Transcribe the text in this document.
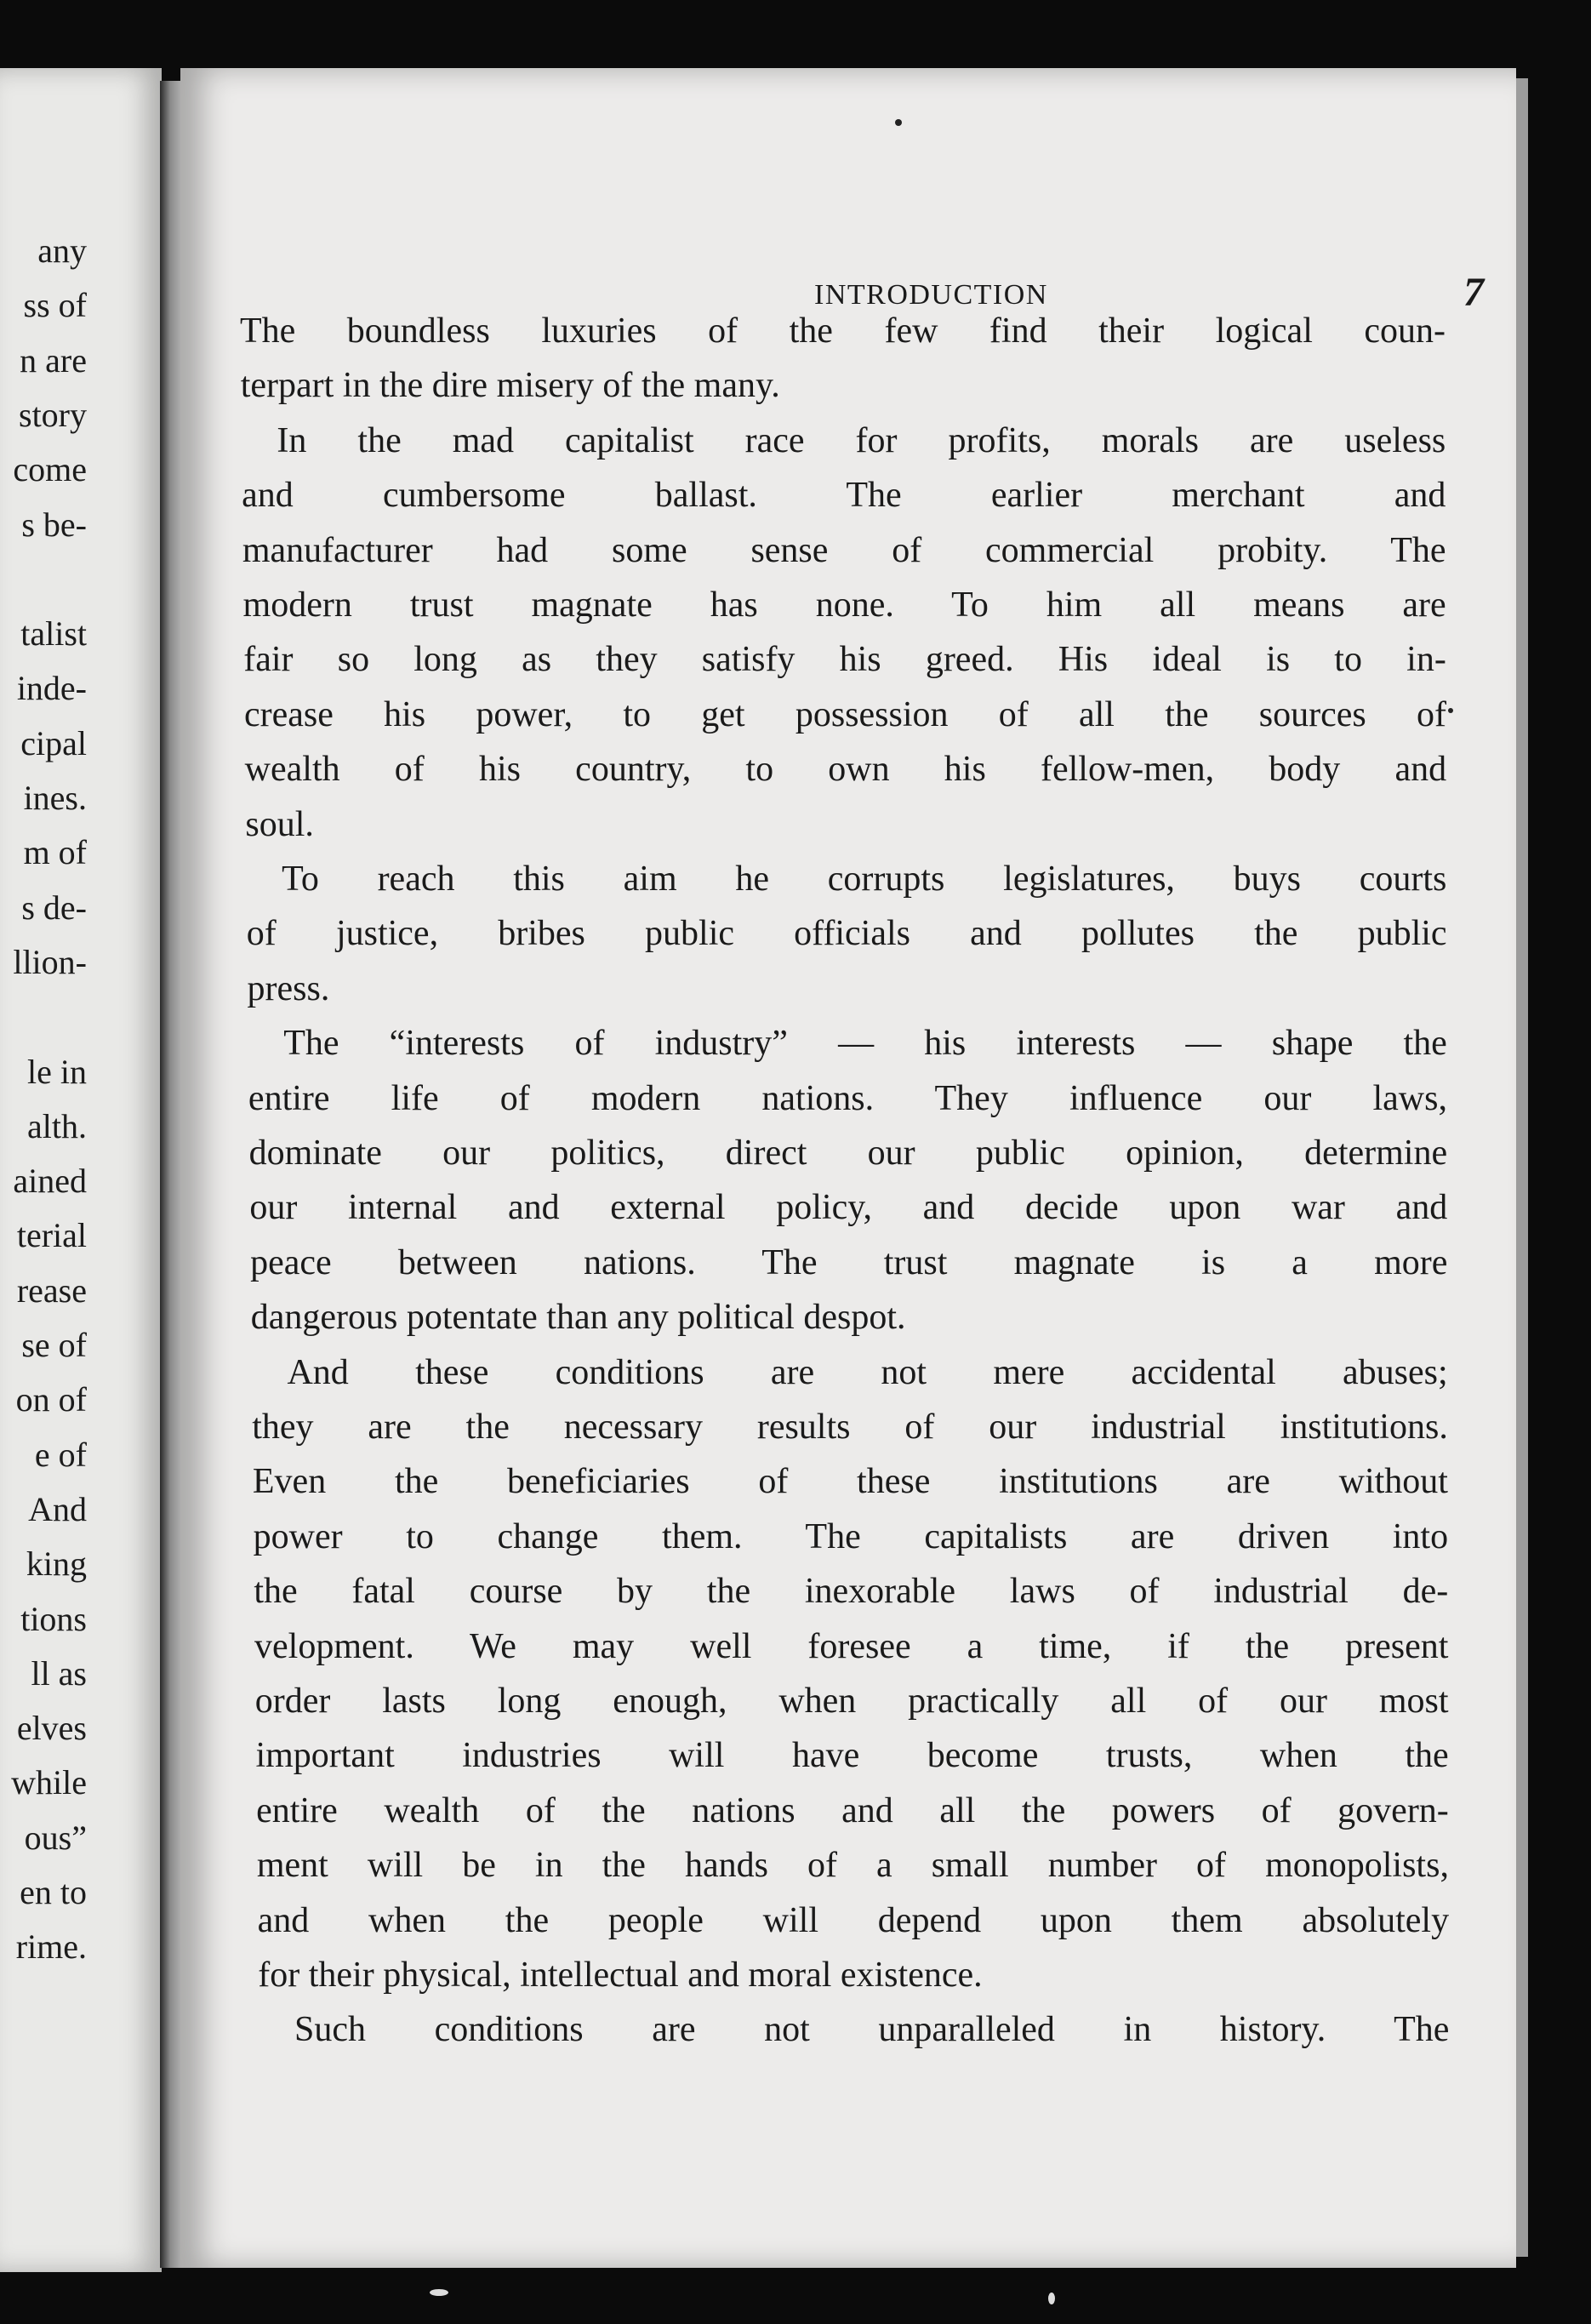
any
ss of
n are
story
come
s be-
talist
inde-
cipal
ines.
m of
s de-
llion-
le in
alth.
ained
terial
rease
se of
on of
e of
And
king
tions
ll as
elves
while
ous”
en to
rime.
INTRODUCTION	7
The boundless luxuries of the few find their logical coun-
terpart in the dire misery of the many.
In the mad capitalist race for profits, morals are useless
and cumbersome ballast. The earlier merchant and
manufacturer had some sense of commercial probity. The
modern trust magnate has none. To him all means are
fair so long as they satisfy his greed. His ideal is to in-
crease his power, to get possession of all the sources of
wealth of his country, to own his fellow-men, body and
soul.
To reach this aim he corrupts legislatures, buys courts
of justice, bribes public officials and pollutes the public
press.
The “interests of industry” — his interests — shape the
entire life of modern nations. They influence our laws,
dominate our politics, direct our public opinion, determine
our internal and external policy, and decide upon war and
peace between nations. The trust magnate is a more
dangerous potentate than any political despot.
And these conditions are not mere accidental abuses;
they are the necessary results of our industrial institutions.
Even the beneficiaries of these institutions are without
power to change them. The capitalists are driven into
the fatal course by the inexorable laws of industrial de-
velopment. We may well foresee a time, if the present
order lasts long enough, when practically all of our most
important industries will have become trusts, when the
entire wealth of the nations and all the powers of govern-
ment will be in the hands of a small number of monopolists,
and when the people will depend upon them absolutely
for their physical, intellectual and moral existence.
Such conditions are not unparalleled in history. The
